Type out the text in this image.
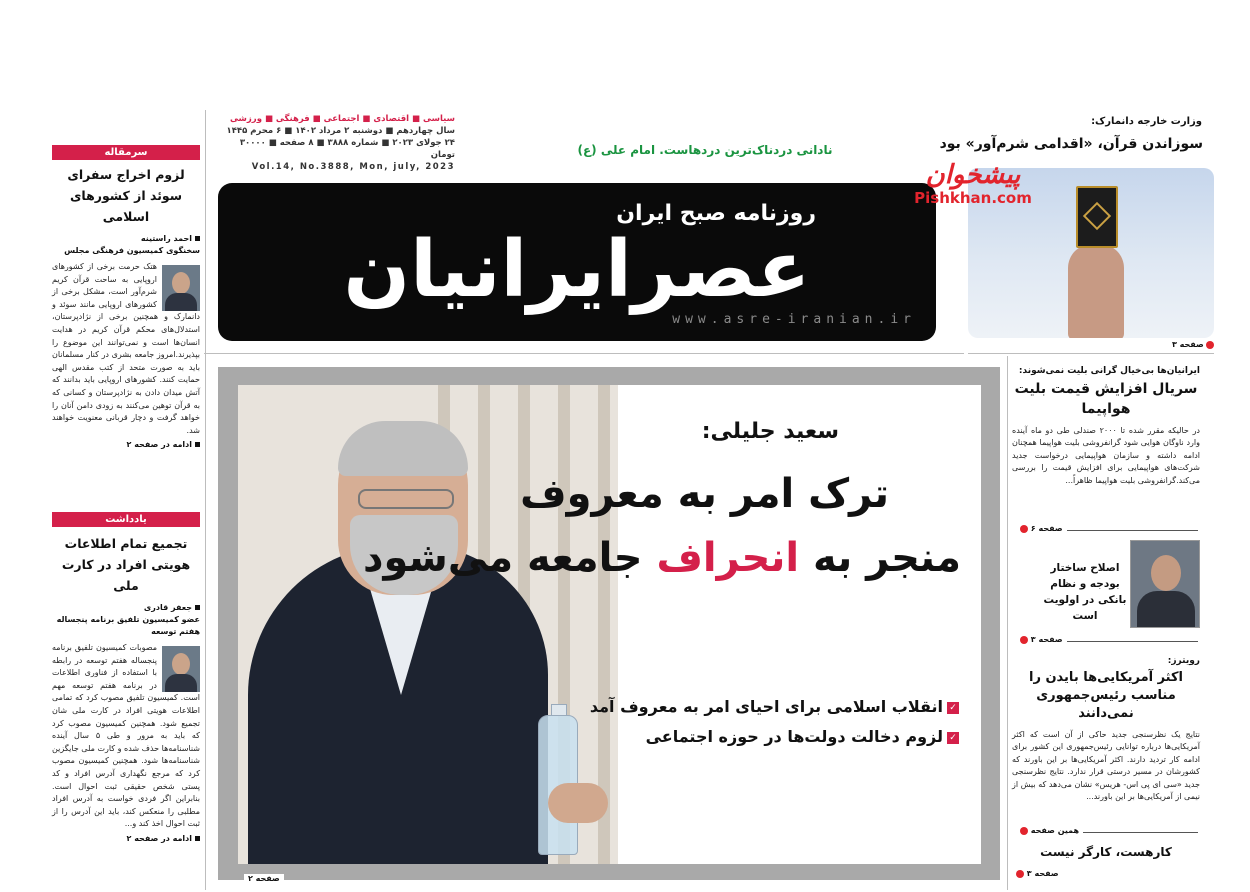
سیاسی ■ اقتصادی ■ اجتماعی ■ فرهنگی ■ ورزشی
سال چهاردهم ■ دوشنبه ۲ مرداد ۱۴۰۲ ■ ۶ محرم ۱۴۴۵
۲۴ جولای ۲۰۲۳ ■ شماره ۳۸۸۸ ■ ۸ صفحه ■ ۳۰۰۰۰ تومان
Vol.14, No.3888, Mon, july, 2023
نادانی دردناک‌ترین دردهاست. امام علی (ع)
روزنامه صبح ایران
عصرایرانیان
www.asre-iranian.ir
وزارت خارجه دانمارک:
سوزاندن قرآن، «اقدامی شرم‌آور» بود
پیشخوان
Pishkhan.com
صفحه ۳
سرمقاله
لزوم اخراج سفرای سوئد از کشورهای اسلامی
احمد راستینه
سخنگوی کمیسیون فرهنگی مجلس
هتک حرمت برخی از کشورهای اروپایی به ساحت قرآن کریم شرم‌آور است، مشکل برخی از کشورهای اروپایی مانند سوئد و دانمارک و همچنین برخی از نژادپرستان، استدلال‌های محکم قرآن کریم در هدایت انسان‌ها است و نمی‌توانند این موضوع را بپذیرند.امروز جامعه بشری در کنار مسلمانان باید به صورت متحد از کتب مقدس الهی حمایت کنند. کشورهای اروپایی باید بدانند که آتش میدان دادن به نژادپرستان و کسانی که به قرآن توهین می‌کنند به زودی دامن آنان را خواهد گرفت و دچار قربانی معنویت خواهند شد.
ادامه در صفحه ۲
یادداشت
تجمیع تمام اطلاعات هویتی افراد در کارت ملی
جعفر قادری
عضو کمیسیون تلفیق برنامه پنجساله هفتم توسعه
مصوبات کمیسیون تلفیق برنامه پنجساله هفتم توسعه در رابطه با استفاده از فناوری اطلاعات در برنامه هفتم توسعه مهم است. کمیسیون تلفیق مصوب کرد که تمامی اطلاعات هویتی افراد در کارت ملی شان تجمیع شود. همچنین کمیسیون مصوب کرد که باید به مرور و طی ۵ سال آینده شناسنامه‌ها حذف شده و کارت ملی جایگزین شناسنامه‌ها شود. همچنین کمیسیون مصوب کرد که مرجع نگهداری آدرس افراد و کد پستی شخص حقیقی ثبت احوال است. بنابراین اگر فردی خواست به آدرس افراد مطلبی را منعکس کند، باید این آدرس را از ثبت احوال اخذ کند و...
ادامه در صفحه ۲
سعید جلیلی:
ترک امر به معروف
منجر به انحراف جامعه می‌شود
✓انقلاب اسلامی برای احیای امر به معروف آمد
✓لزوم دخالت دولت‌ها در حوزه اجتماعی
صفحه ۲
ایرانیان‌ها بی‌خیال گرانی بلیت نمی‌شوند:
سریال افزایش قیمت بلیت هواپیما
در حالیکه مقرر شده تا ۲۰۰۰ صندلی طی دو ماه آینده وارد ناوگان هوایی شود گرانفروشی بلیت هواپیما همچنان ادامه داشته و سازمان هواپیمایی درخواست جدید شرکت‌های هواپیمایی برای افزایش قیمت را بررسی می‌کند.گرانفروشی بلیت هواپیما ظاهراً...
صفحه ۶
اصلاح ساختار بودجه و نظام بانکی در اولویت است
صفحه ۳
رویترز:
اکثر آمریکایی‌ها بایدن را مناسب رئیس‌جمهوری نمی‌دانند
نتایج یک نظرسنجی جدید حاکی از آن است که اکثر آمریکایی‌ها درباره توانایی رئیس‌جمهوری این کشور برای ادامه کار تردید دارند. اکثر آمریکایی‌ها بر این باورند که کشورشان در مسیر درستی قرار ندارد. نتایج نظرسنجی جدید «سی ای پی اس- هریس» نشان می‌دهد که بیش از نیمی از آمریکایی‌ها بر این باورند...
همین صفحه
کارهست، کارگر نیست
صفحه ۳
